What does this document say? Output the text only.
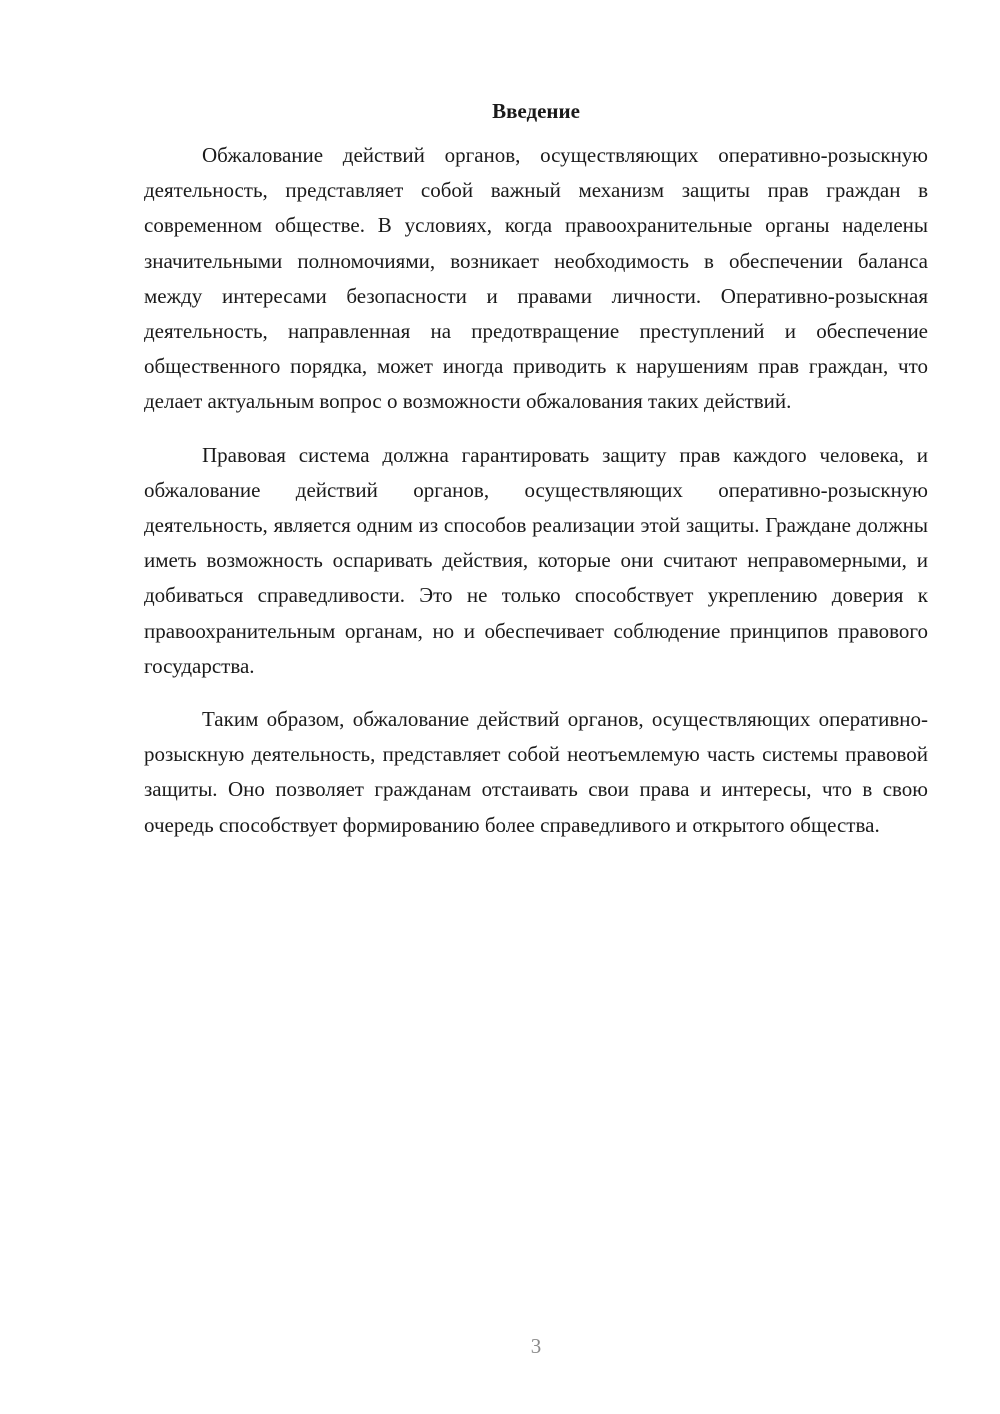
Введение

Обжалование действий органов, осуществляющих оперативно-розыскную деятельность, представляет собой важный механизм защиты прав граждан в современном обществе. В условиях, когда правоохранительные органы наделены значительными полномочиями, возникает необходимость в обеспечении баланса между интересами безопасности и правами личности. Оперативно-розыскная деятельность, направленная на предотвращение преступлений и обеспечение общественного порядка, может иногда приводить к нарушениям прав граждан, что делает актуальным вопрос о возможности обжалования таких действий.

Правовая система должна гарантировать защиту прав каждого человека, и обжалование действий органов, осуществляющих оперативно-розыскную деятельность, является одним из способов реализации этой защиты. Граждане должны иметь возможность оспаривать действия, которые они считают неправомерными, и добиваться справедливости. Это не только способствует укреплению доверия к правоохранительным органам, но и обеспечивает соблюдение принципов правового государства.

Таким образом, обжалование действий органов, осуществляющих оперативно-розыскную деятельность, представляет собой неотъемлемую часть системы правовой защиты. Оно позволяет гражданам отстаивать свои права и интересы, что в свою очередь способствует формированию более справедливого и открытого общества.

3
